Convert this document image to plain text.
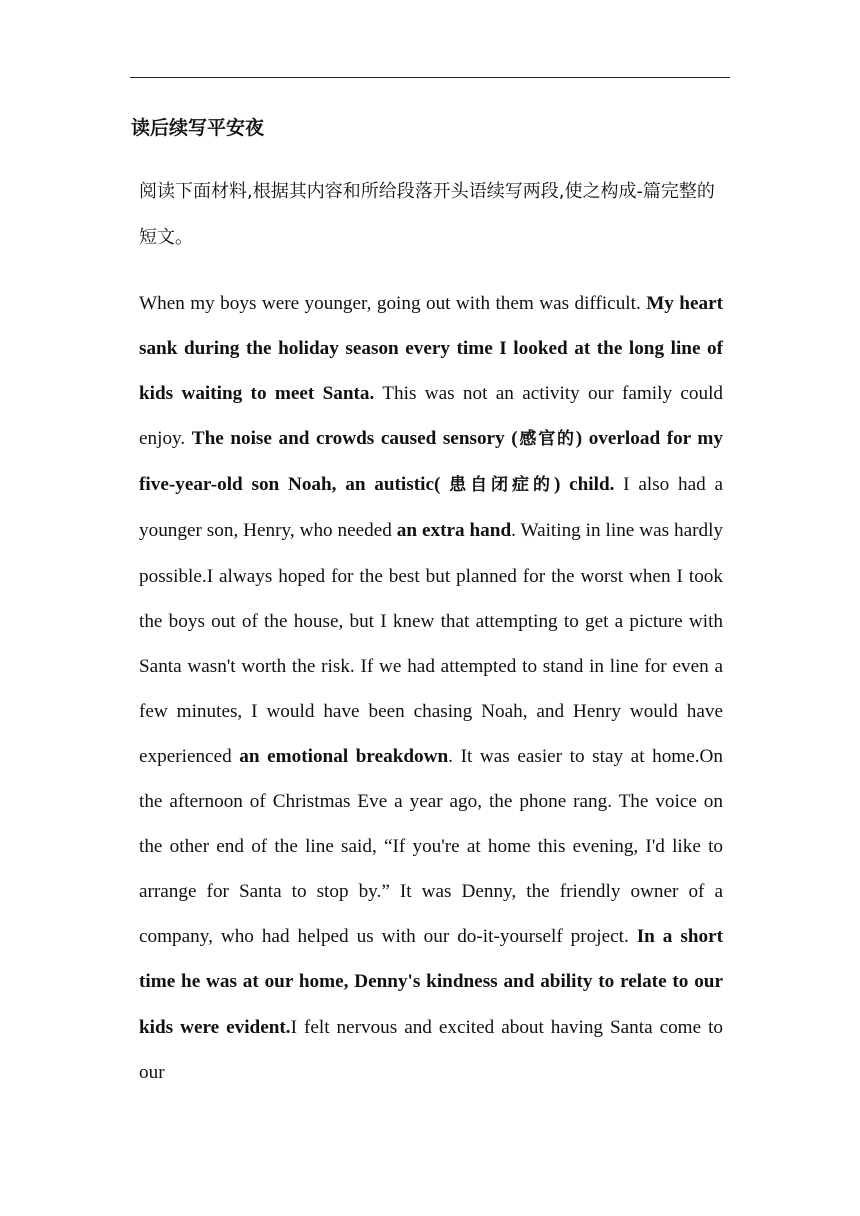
读后续写平安夜

阅读下面材料,根据其内容和所给段落开头语续写两段,使之构成-篇完整的短文。

When my boys were younger, going out with them was difficult. My heart sank during the holiday season every time I looked at the long line of kids waiting to meet Santa. This was not an activity our family could enjoy. The noise and crowds caused sensory (感官的) overload for my five-year-old son Noah, an autistic( 患自闭症的) child. I also had a younger son, Henry, who needed an extra hand. Waiting in line was hardly possible.I always hoped for the best but planned for the worst when I took the boys out of the house, but I knew that attempting to get a picture with Santa wasn't worth the risk. If we had attempted to stand in line for even a few minutes, I would have been chasing Noah, and Henry would have experienced an emotional breakdown. It was easier to stay at home.On the afternoon of Christmas Eve a year ago, the phone rang. The voice on the other end of the line said, “If you're at home this evening, I'd like to arrange for Santa to stop by.” It was Denny, the friendly owner of a company, who had helped us with our do-it-yourself project. In a short time he was at our home, Denny's kindness and ability to relate to our kids were evident.I felt nervous and excited about having Santa come to our
